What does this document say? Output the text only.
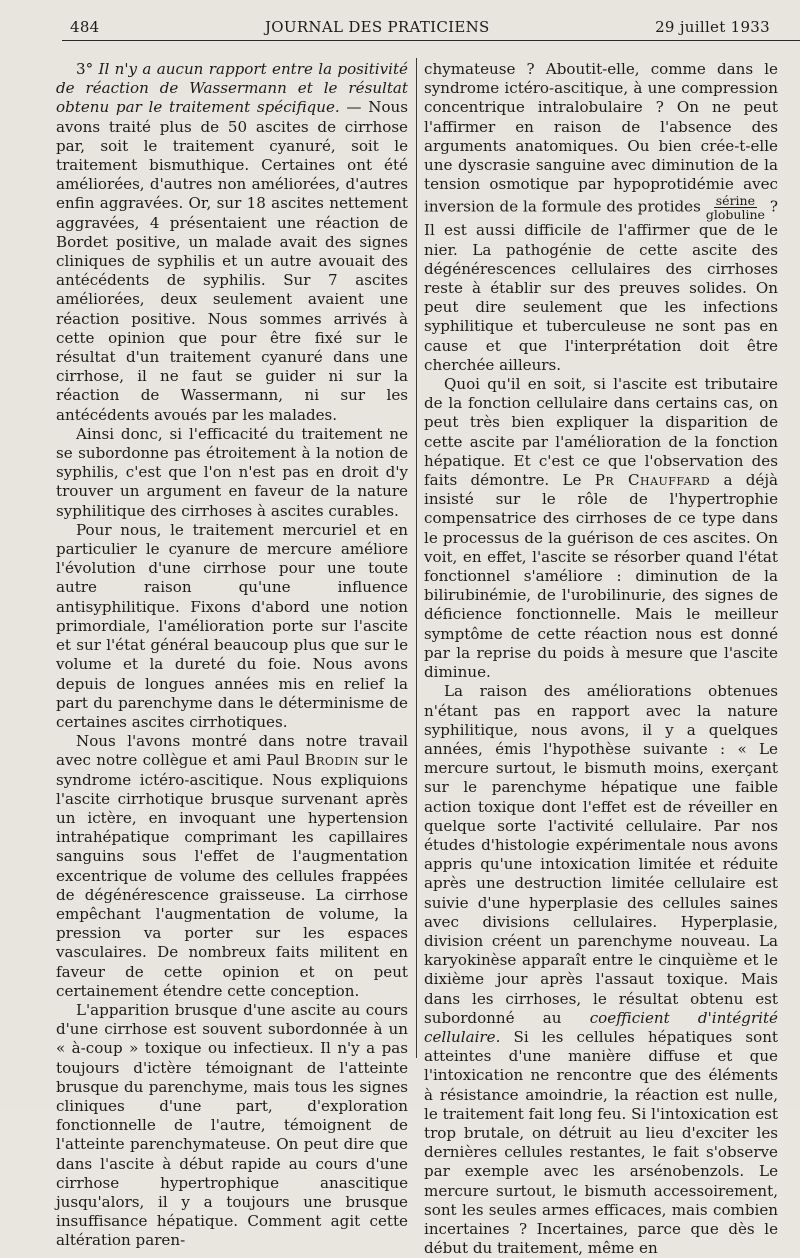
484	JOURNAL DES PRATICIENS	29 juillet 1933

3° Il n'y a aucun rapport entre la positivité de réaction de Wassermann et le résultat obtenu par le traitement spécifique. — Nous avons traité plus de 50 ascites de cirrhose par, soit le traitement cyanuré, soit le traitement bismuthique. Certaines ont été améliorées, d'autres non améliorées, d'autres enfin aggravées. Or, sur 18 ascites nettement aggravées, 4 présentaient une réaction de Bordet positive, un malade avait des signes cliniques de syphilis et un autre avouait des antécédents de syphilis. Sur 7 ascites améliorées, deux seulement avaient une réaction positive. Nous sommes arrivés à cette opinion que pour être fixé sur le résultat d'un traitement cyanuré dans une cirrhose, il ne faut se guider ni sur la réaction de Wassermann, ni sur les antécédents avoués par les malades.

Ainsi donc, si l'efficacité du traitement ne se subordonne pas étroitement à la notion de syphilis, c'est que l'on n'est pas en droit d'y trouver un argument en faveur de la nature syphilitique des cirrhoses à ascites curables.

Pour nous, le traitement mercuriel et en particulier le cyanure de mercure améliore l'évolution d'une cirrhose pour une toute autre raison qu'une influence antisyphilitique. Fixons d'abord une notion primordiale, l'amélioration porte sur l'ascite et sur l'état général beaucoup plus que sur le volume et la dureté du foie. Nous avons depuis de longues années mis en relief la part du parenchyme dans le déterminisme de certaines ascites cirrhotiques.

Nous l'avons montré dans notre travail avec notre collègue et ami Paul Brodin sur le syndrome ictéro-ascitique. Nous expliquions l'ascite cirrhotique brusque survenant après un ictère, en invoquant une hypertension intrahépatique comprimant les capillaires sanguins sous l'effet de l'augmentation excentrique de volume des cellules frappées de dégénérescence graisseuse. La cirrhose empêchant l'augmentation de volume, la pression va porter sur les espaces vasculaires. De nombreux faits militent en faveur de cette opinion et on peut certainement étendre cette conception.

L'apparition brusque d'une ascite au cours d'une cirrhose est souvent subordonnée à un « à-coup » toxique ou infectieux. Il n'y a pas toujours d'ictère témoignant de l'atteinte brusque du parenchyme, mais tous les signes cliniques d'une part, d'exploration fonctionnelle de l'autre, témoignent de l'atteinte parenchymateuse. On peut dire que dans l'ascite à début rapide au cours d'une cirrhose hypertrophique anascitique jusqu'alors, il y a toujours une brusque insuffisance hépatique. Comment agit cette altération paren-

chymateuse ? Aboutit-elle, comme dans le syndrome ictéro-ascitique, à une compression concentrique intralobulaire ? On ne peut l'affirmer en raison de l'absence des arguments anatomiques. Ou bien crée-t-elle une dyscrasie sanguine avec diminution de la tension osmotique par hypoprotidémie avec inversion de la formule des protides $\frac{\text{sérine}}{\text{globuline}}$ ? Il est aussi difficile de l'affirmer que de le nier. La pathogénie de cette ascite des dégénérescences cellulaires des cirrhoses reste à établir sur des preuves solides. On peut dire seulement que les infections syphilitique et tuberculeuse ne sont pas en cause et que l'interprétation doit être cherchée ailleurs.

Quoi qu'il en soit, si l'ascite est tributaire de la fonction cellulaire dans certains cas, on peut très bien expliquer la disparition de cette ascite par l'amélioration de la fonction hépatique. Et c'est ce que l'observation des faits démontre. Le Pr Chauffard a déjà insisté sur le rôle de l'hypertrophie compensatrice des cirrhoses de ce type dans le processus de la guérison de ces ascites. On voit, en effet, l'ascite se résorber quand l'état fonctionnel s'améliore : diminution de la bilirubinémie, de l'urobilinurie, des signes de déficience fonctionnelle. Mais le meilleur symptôme de cette réaction nous est donné par la reprise du poids à mesure que l'ascite diminue.

La raison des améliorations obtenues n'étant pas en rapport avec la nature syphilitique, nous avons, il y a quelques années, émis l'hypothèse suivante : « Le mercure surtout, le bismuth moins, exerçant sur le parenchyme hépatique une faible action toxique dont l'effet est de réveiller en quelque sorte l'activité cellulaire. Par nos études d'histologie expérimentale nous avons appris qu'une intoxication limitée et réduite après une destruction limitée cellulaire est suivie d'une hyperplasie des cellules saines avec divisions cellulaires. Hyperplasie, division créent un parenchyme nouveau. La karyokinèse apparaît entre le cinquième et le dixième jour après l'assaut toxique. Mais dans les cirrhoses, le résultat obtenu est subordonné au coefficient d'intégrité cellulaire. Si les cellules hépatiques sont atteintes d'une manière diffuse et que l'intoxication ne rencontre que des éléments à résistance amoindrie, la réaction est nulle, le traitement fait long feu. Si l'intoxication est trop brutale, on détruit au lieu d'exciter les dernières cellules restantes, le fait s'observe par exemple avec les arsénobenzols. Le mercure surtout, le bismuth accessoirement, sont les seules armes efficaces, mais combien incertaines ? Incertaines, parce que dès le début du traitement, même en
